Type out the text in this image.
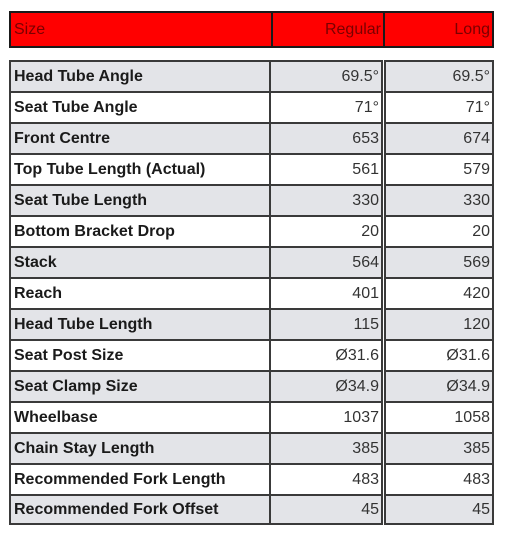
Size	Regular	Long
Head Tube Angle	69.5°	69.5°
Seat Tube Angle	71°	71°
Front Centre	653	674
Top Tube Length (Actual)	561	579
Seat Tube Length	330	330
Bottom Bracket Drop	20	20
Stack	564	569
Reach	401	420
Head Tube Length	115	120
Seat Post Size	Ø31.6	Ø31.6
Seat Clamp Size	Ø34.9	Ø34.9
Wheelbase	1037	1058
Chain Stay Length	385	385
Recommended Fork Length	483	483
Recommended Fork Offset	45	45
